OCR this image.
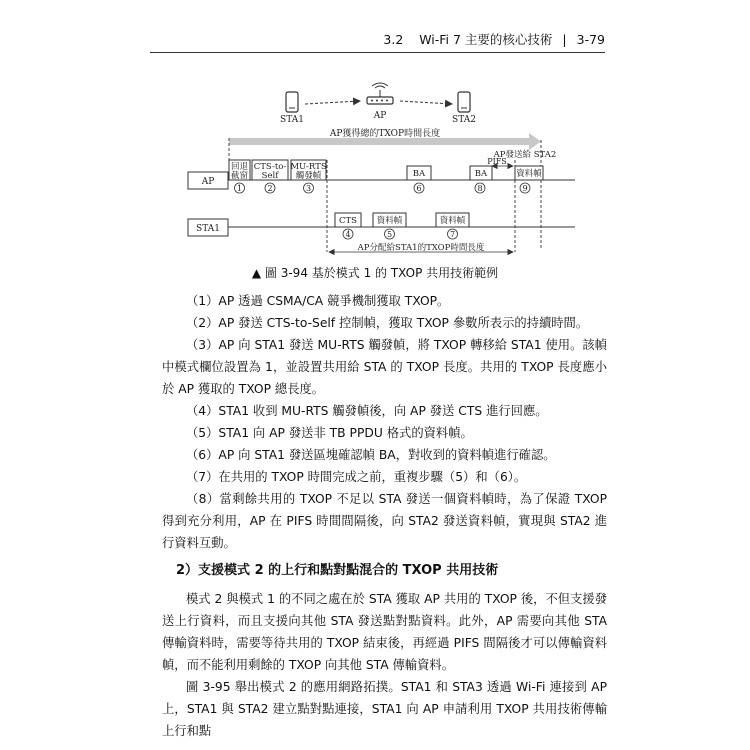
3.2 Wi-Fi 7 主要的核心技術 | 3-79
STA1	AP	STA2
AP獲得總的TXOP時間長度
AP
回退
截窗
CTS-to-
Self
MU-RTS
觸發幀	BA	BA
PIFS
AP發送給 STA2
資料幀
1	2	3	6	8	9
STA1
CTS 資料幀	資料幀
4	5	7
AP分配給STA1的TXOP時間長度
▲ 圖 3-94 基於模式 1 的 TXOP 共用技術範例

（1）AP 透過 CSMA/CA 競爭機制獲取 TXOP。

（2）AP 發送 CTS-to-Self 控制幀，獲取 TXOP 參數所表示的持續時間。

（3）AP 向 STA1 發送 MU-RTS 觸發幀，將 TXOP 轉移給 STA1 使用。該幀中模式欄位設置為 1，並設置共用給 STA 的 TXOP 長度。共用的 TXOP 長度應小於 AP 獲取的 TXOP 總長度。

（4）STA1 收到 MU-RTS 觸發幀後，向 AP 發送 CTS 進行回應。

（5）STA1 向 AP 發送非 TB PPDU 格式的資料幀。

（6）AP 向 STA1 發送區塊確認幀 BA，對收到的資料幀進行確認。

（7）在共用的 TXOP 時間完成之前，重複步驟（5）和（6）。

（8）當剩餘共用的 TXOP 不足以 STA 發送一個資料幀時，為了保證 TXOP 得到充分利用，AP 在 PIFS 時間間隔後，向 STA2 發送資料幀，實現與 STA2 進行資料互動。

2）支援模式 2 的上行和點對點混合的 TXOP 共用技術

模式 2 與模式 1 的不同之處在於 STA 獲取 AP 共用的 TXOP 後，不但支援發送上行資料，而且支援向其他 STA 發送點對點資料。此外，AP 需要向其他 STA 傳輸資料時，需要等待共用的 TXOP 結束後，再經過 PIFS 間隔後才可以傳輸資料幀，而不能利用剩餘的 TXOP 向其他 STA 傳輸資料。

圖 3-95 舉出模式 2 的應用網路拓撲。STA1 和 STA3 透過 Wi-Fi 連接到 AP 上，STA1 與 STA2 建立點對點連接，STA1 向 AP 申請利用 TXOP 共用技術傳輸上行和點
